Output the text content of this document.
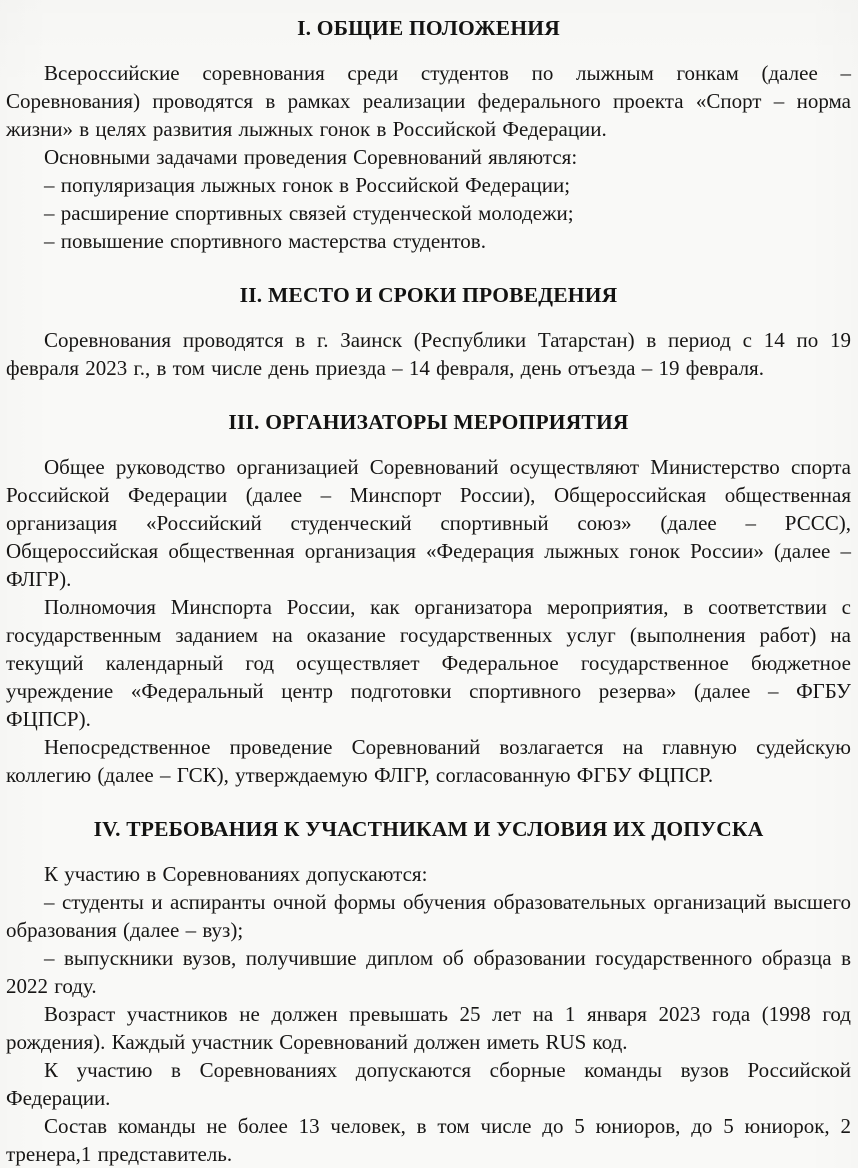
I. ОБЩИЕ ПОЛОЖЕНИЯ

Всероссийские соревнования среди студентов по лыжным гонкам (далее – Соревнования) проводятся в рамках реализации федерального проекта «Спорт – норма жизни» в целях развития лыжных гонок в Российской Федерации.

Основными задачами проведения Соревнований являются:

– популяризация лыжных гонок в Российской Федерации;

– расширение спортивных связей студенческой молодежи;

– повышение спортивного мастерства студентов.

II. МЕСТО И СРОКИ ПРОВЕДЕНИЯ

Соревнования проводятся в г. Заинск (Республики Татарстан) в период с 14 по 19 февраля 2023 г., в том числе день приезда – 14 февраля, день отъезда – 19 февраля.

III. ОРГАНИЗАТОРЫ МЕРОПРИЯТИЯ

Общее руководство организацией Соревнований осуществляют Министерство спорта Российской Федерации (далее – Минспорт России), Общероссийская общественная организация «Российский студенческий спортивный союз» (далее – РССС), Общероссийская общественная организация «Федерация лыжных гонок России» (далее – ФЛГР).

Полномочия Минспорта России, как организатора мероприятия, в соответствии с государственным заданием на оказание государственных услуг (выполнения работ) на текущий календарный год осуществляет Федеральное государственное бюджетное учреждение «Федеральный центр подготовки спортивного резерва» (далее – ФГБУ ФЦПСР).

Непосредственное проведение Соревнований возлагается на главную судейскую коллегию (далее – ГСК), утверждаемую ФЛГР, согласованную ФГБУ ФЦПСР.

IV. ТРЕБОВАНИЯ К УЧАСТНИКАМ И УСЛОВИЯ ИХ ДОПУСКА

К участию в Соревнованиях допускаются:

– студенты и аспиранты очной формы обучения образовательных организаций высшего образования (далее – вуз);

– выпускники вузов, получившие диплом об образовании государственного образца в 2022 году.

Возраст участников не должен превышать 25 лет на 1 января 2023 года (1998 год рождения). Каждый участник Соревнований должен иметь RUS код.

К участию в Соревнованиях допускаются сборные команды вузов Российской Федерации.

Состав команды не более 13 человек, в том числе до 5 юниоров, до 5 юниорок, 2 тренера,1 представитель.
